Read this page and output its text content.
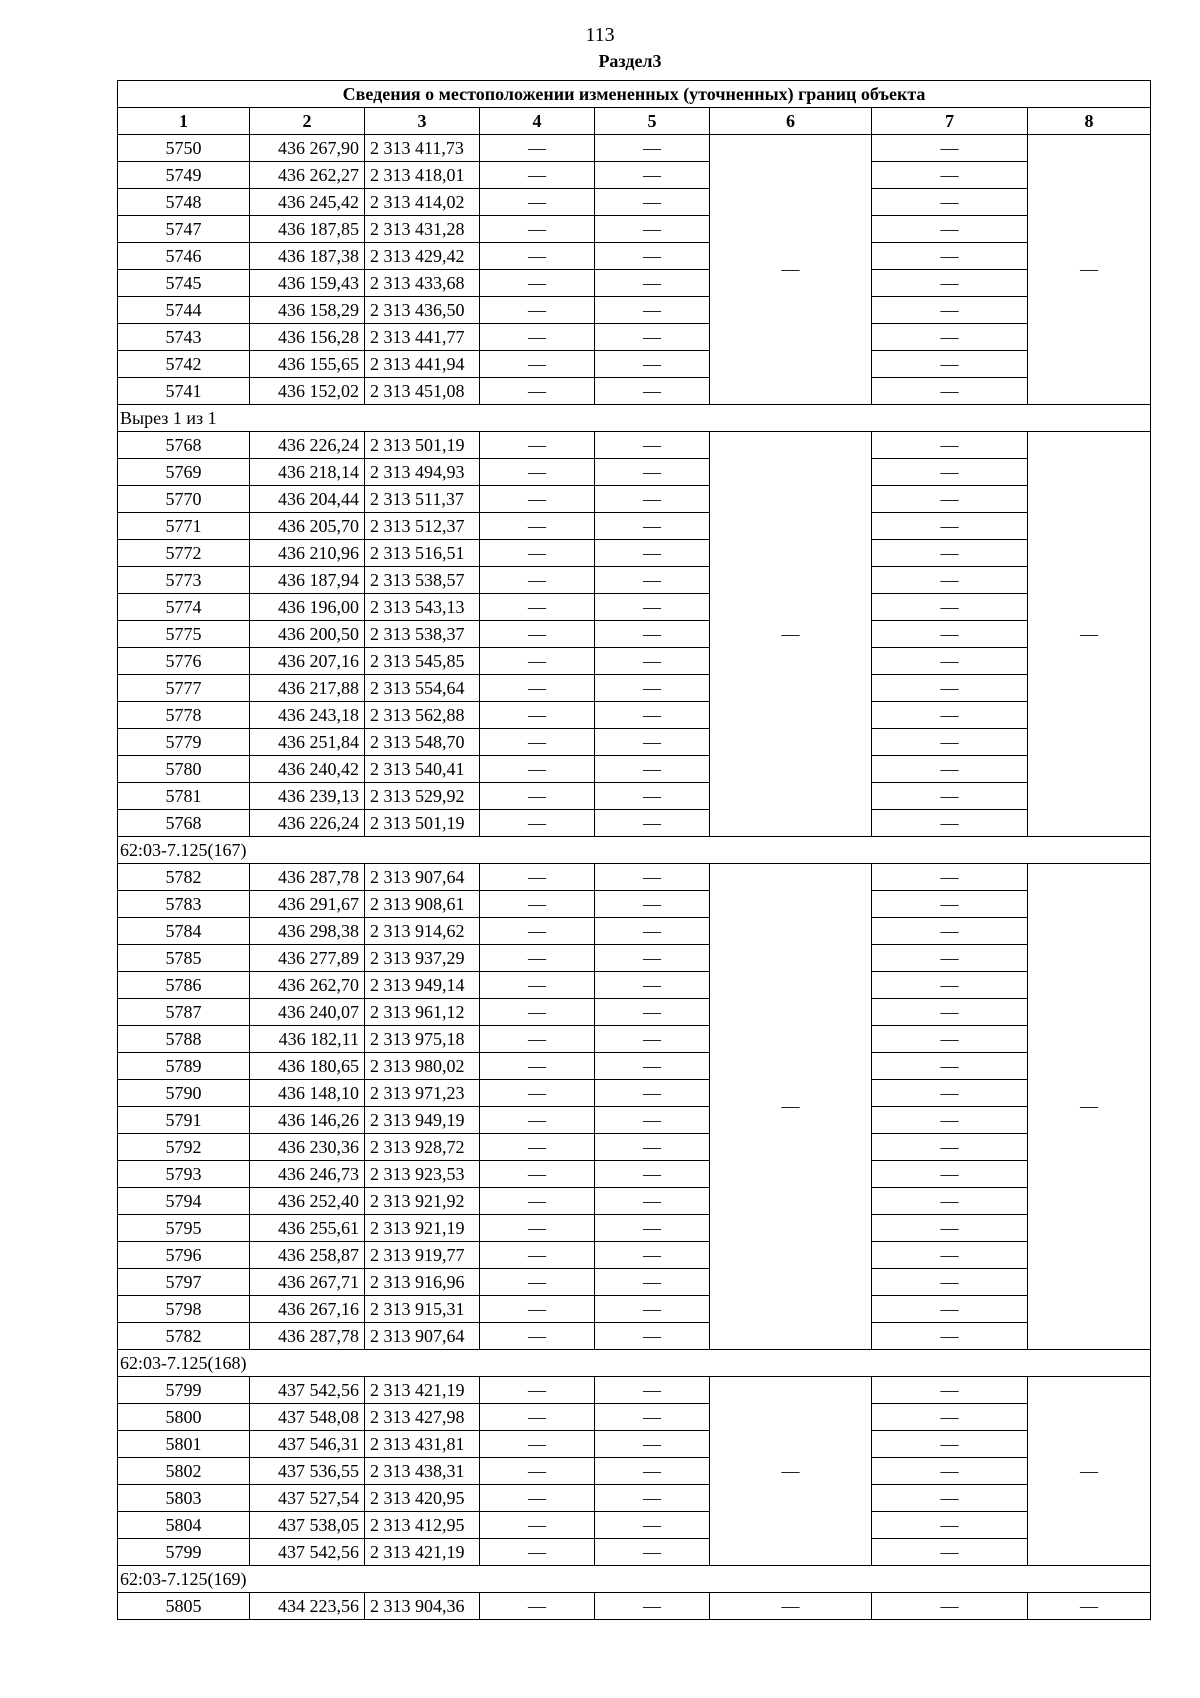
113
Раздел3
Сведения о местоположении измененных (уточненных) границ объекта							
1	2	3	4	5	6	7	8
5750	436 267,90	2 313 411,73	—	—	—	—	—
5749	436 262,27	2 313 418,01	—	—		—	
5748	436 245,42	2 313 414,02	—	—		—	
5747	436 187,85	2 313 431,28	—	—		—	
5746	436 187,38	2 313 429,42	—	—		—	
5745	436 159,43	2 313 433,68	—	—		—	
5744	436 158,29	2 313 436,50	—	—		—	
5743	436 156,28	2 313 441,77	—	—		—	
5742	436 155,65	2 313 441,94	—	—		—	
5741	436 152,02	2 313 451,08	—	—		—	
Вырез 1 из 1							
5768	436 226,24	2 313 501,19	—	—	—	—	—
5769	436 218,14	2 313 494,93	—	—		—	
5770	436 204,44	2 313 511,37	—	—		—	
5771	436 205,70	2 313 512,37	—	—		—	
5772	436 210,96	2 313 516,51	—	—		—	
5773	436 187,94	2 313 538,57	—	—		—	
5774	436 196,00	2 313 543,13	—	—		—	
5775	436 200,50	2 313 538,37	—	—		—	
5776	436 207,16	2 313 545,85	—	—		—	
5777	436 217,88	2 313 554,64	—	—		—	
5778	436 243,18	2 313 562,88	—	—		—	
5779	436 251,84	2 313 548,70	—	—		—	
5780	436 240,42	2 313 540,41	—	—		—	
5781	436 239,13	2 313 529,92	—	—		—	
5768	436 226,24	2 313 501,19	—	—		—	
62:03-7.125(167)							
5782	436 287,78	2 313 907,64	—	—	—	—	—
5783	436 291,67	2 313 908,61	—	—		—	
5784	436 298,38	2 313 914,62	—	—		—	
5785	436 277,89	2 313 937,29	—	—		—	
5786	436 262,70	2 313 949,14	—	—		—	
5787	436 240,07	2 313 961,12	—	—		—	
5788	436 182,11	2 313 975,18	—	—		—	
5789	436 180,65	2 313 980,02	—	—		—	
5790	436 148,10	2 313 971,23	—	—		—	
5791	436 146,26	2 313 949,19	—	—		—	
5792	436 230,36	2 313 928,72	—	—		—	
5793	436 246,73	2 313 923,53	—	—		—	
5794	436 252,40	2 313 921,92	—	—		—	
5795	436 255,61	2 313 921,19	—	—		—	
5796	436 258,87	2 313 919,77	—	—		—	
5797	436 267,71	2 313 916,96	—	—		—	
5798	436 267,16	2 313 915,31	—	—		—	
5782	436 287,78	2 313 907,64	—	—		—	
62:03-7.125(168)							
5799	437 542,56	2 313 421,19	—	—	—	—	—
5800	437 548,08	2 313 427,98	—	—		—	
5801	437 546,31	2 313 431,81	—	—		—	
5802	437 536,55	2 313 438,31	—	—		—	
5803	437 527,54	2 313 420,95	—	—		—	
5804	437 538,05	2 313 412,95	—	—		—	
5799	437 542,56	2 313 421,19	—	—		—	
62:03-7.125(169)							
5805	434 223,56	2 313 904,36	—	—	—	—	—
